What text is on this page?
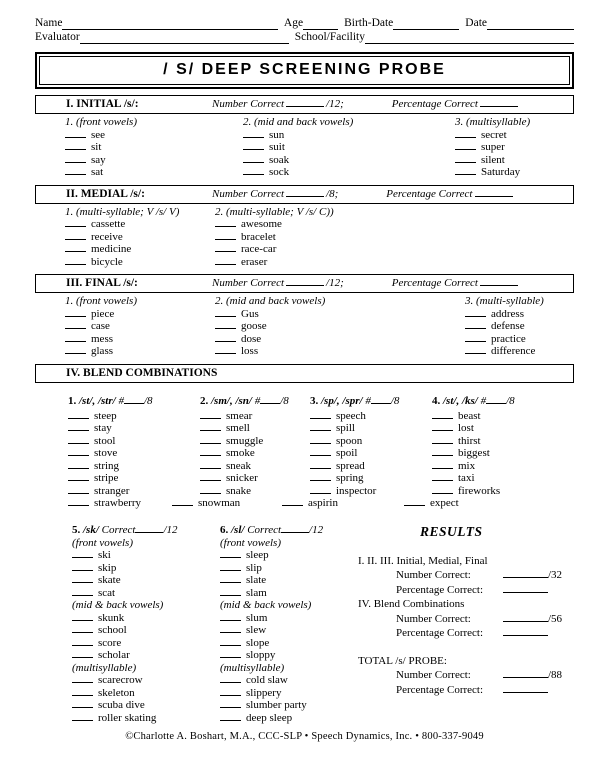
Name	Age	Birth-Date	Date
Evaluator	School/Facility
/ S/ DEEP SCREENING PROBE
I. INITIAL /s/:	Number Correct	/12;	Percentage Correct
1. (front vowels)
see
sit
say
sat
2. (mid and back vowels)
sun
suit
soak
sock
3. (multisyllable)
secret
super
silent
Saturday
II. MEDIAL /s/:	Number Correct	/8;	Percentage Correct
1. (multi-syllable; V /s/ V)
cassette
receive
medicine
bicycle
2. (multi-syllable; V /s/ C))
awesome
bracelet
race-car
eraser
III. FINAL /s/:	Number Correct	/12;	Percentage Correct
1. (front vowels)
piece
case
mess
glass
2. (mid and back vowels)
Gus
goose
dose
loss
3. (multi-syllable)
address
defense
practice
difference
IV. BLEND COMBINATIONS
1. /st/, /str/ # /8
steep
stay
stool
stove
string
stripe
stranger
strawberry
2. /sm/, /sn/ # /8
smear
smell
smuggle
smoke
sneak
snicker
snake
snowman
3. /sp/, /spr/ # /8
speech
spill
spoon
spoil
spread
spring
inspector
aspirin
4. /st/, /ks/ # /8
beast
lost
thirst
biggest
mix
taxi
fireworks
expect
5. /sk/ Correct	/12
(front vowels)
ski
skip
skate
scat
(mid & back vowels)
skunk
school
score
scholar
(multisyllable)
scarecrow
skeleton
scuba dive
roller skating
6. /sl/ Correct	/12
(front vowels)
sleep
slip
slate
slam
(mid & back vowels)
slum
slew
slope
sloppy
(multisyllable)
cold slaw
slippery
slumber party
deep sleep
RESULTS
I. II. III. Initial, Medial, Final
Number Correct:	/32
Percentage Correct:
IV. Blend Combinations
Number Correct:	/56
Percentage Correct:
TOTAL /s/ PROBE:
Number Correct:	/88
Percentage Correct:
©Charlotte A. Boshart, M.A., CCC-SLP • Speech Dynamics, Inc. • 800-337-9049
